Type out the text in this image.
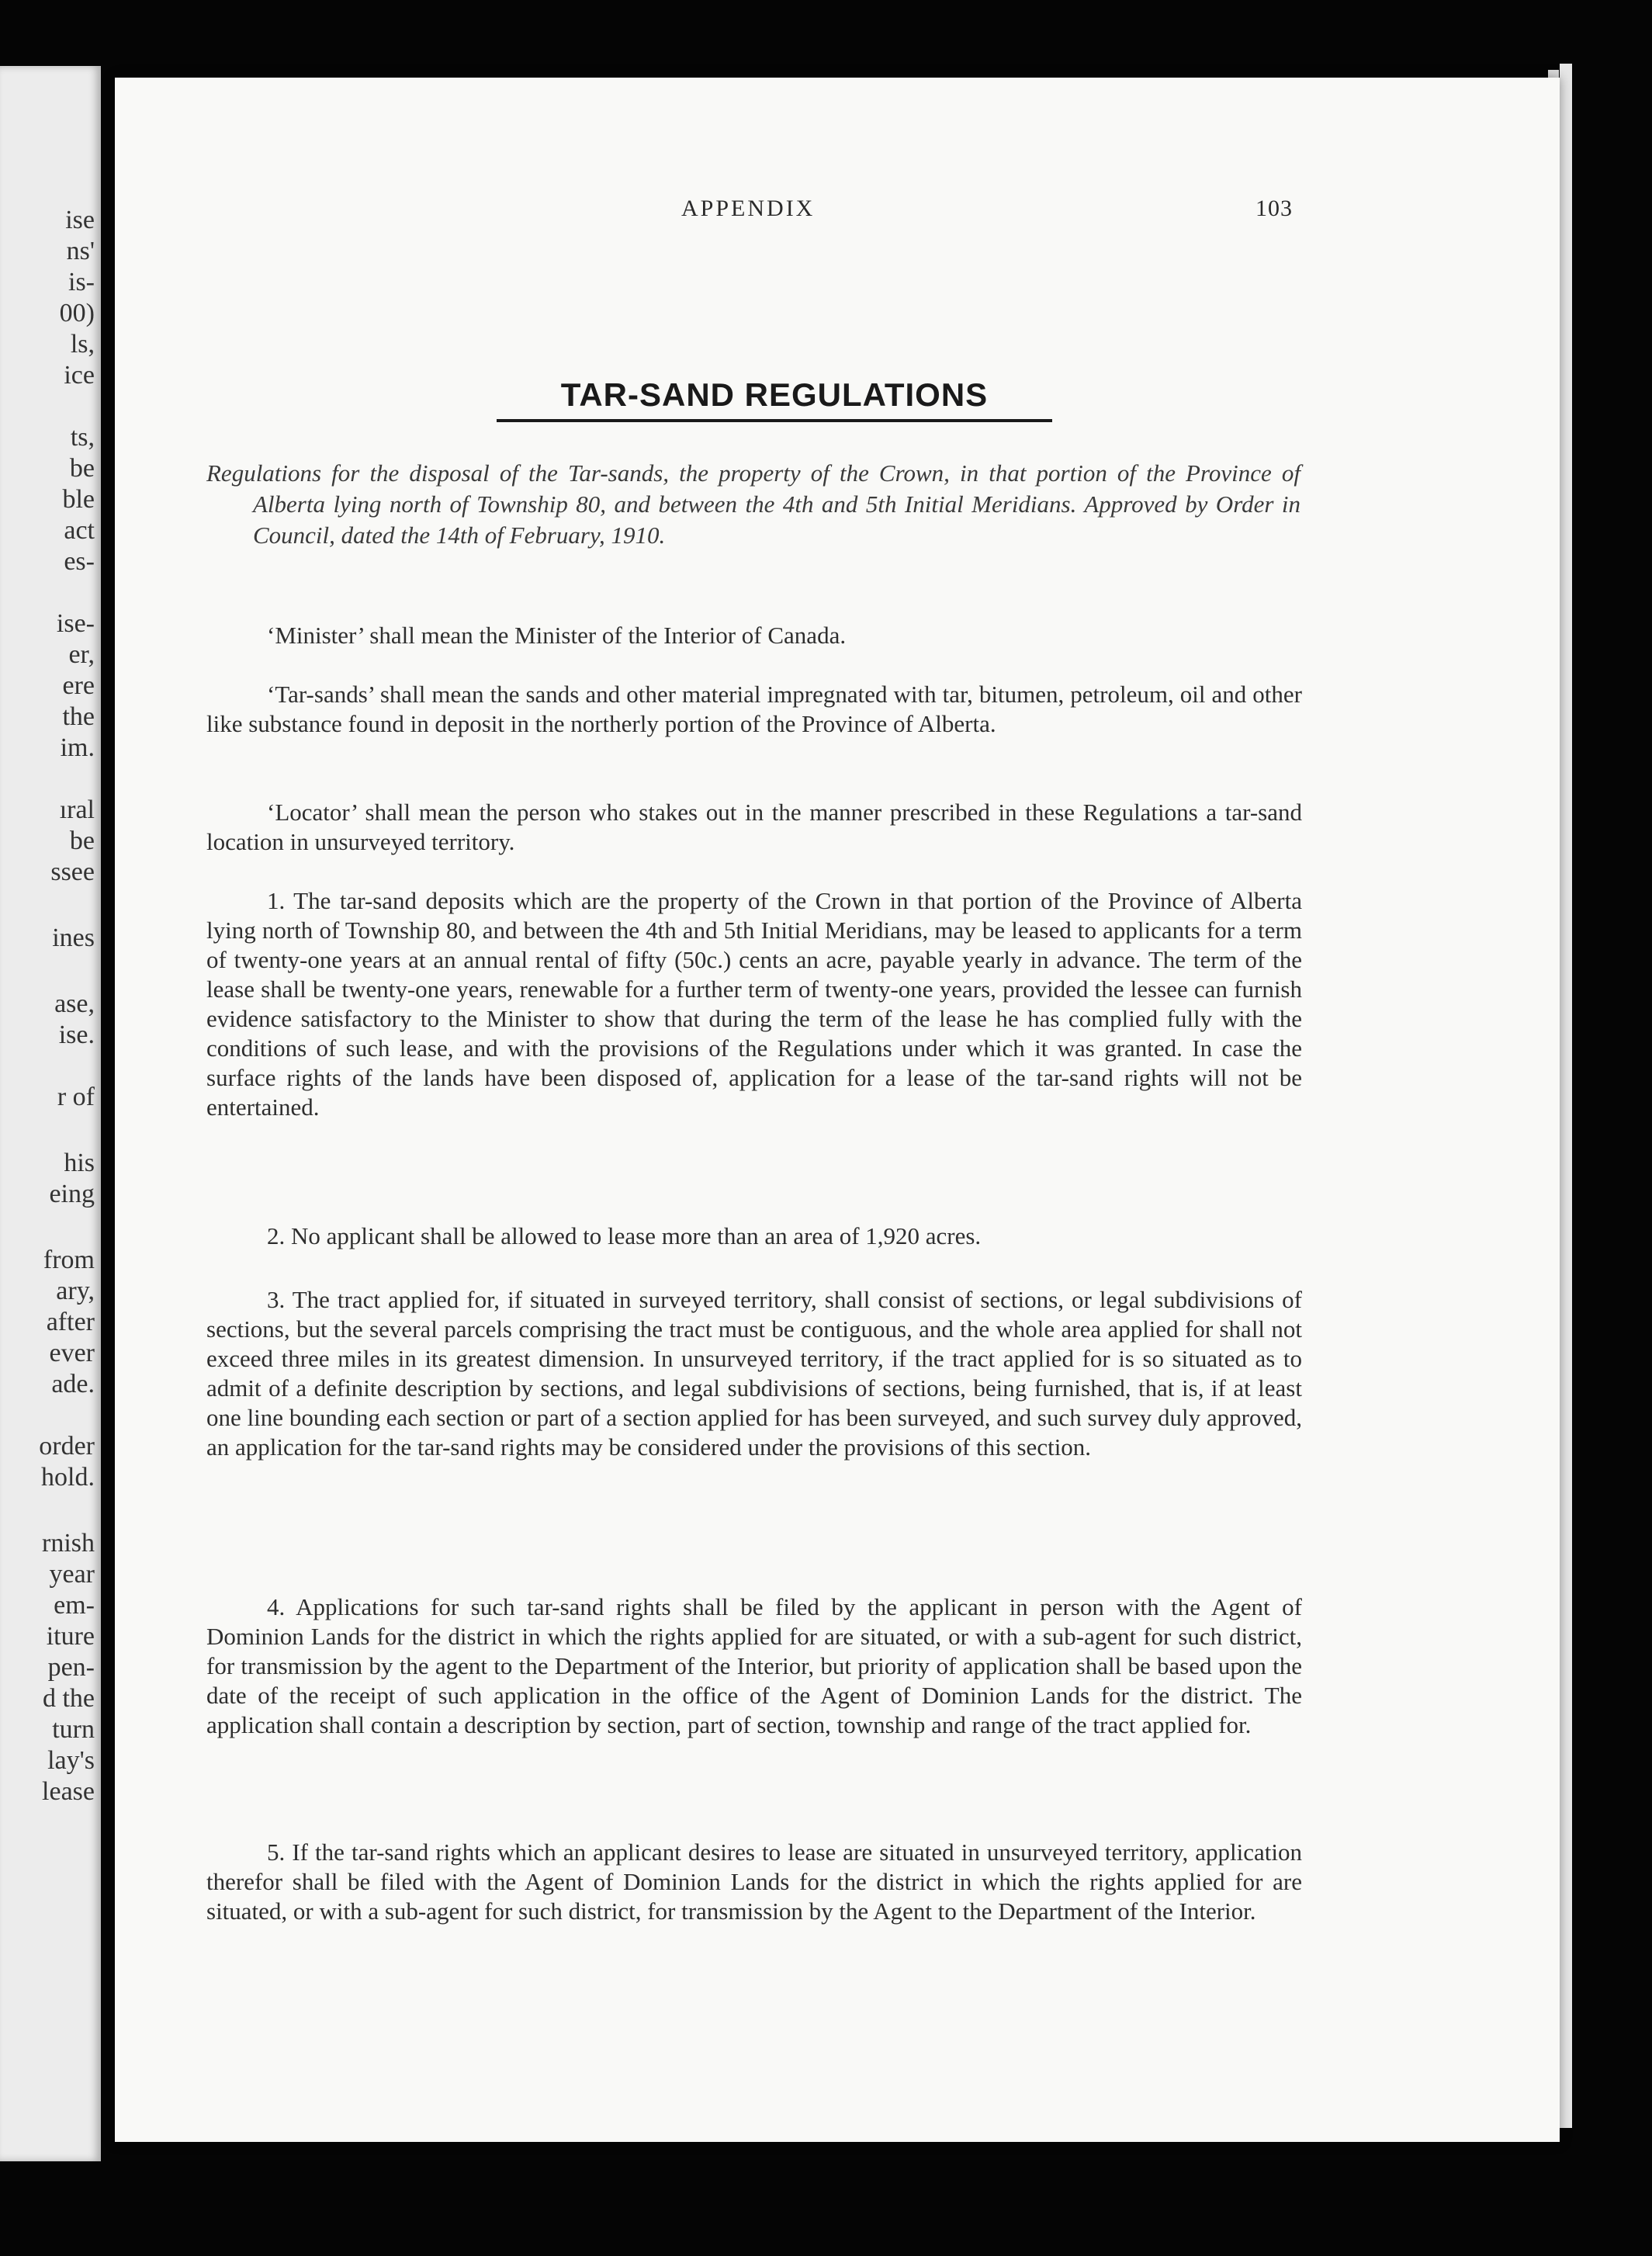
ise
ns'
is-
00)
ls,
ice
ts,
be
ble
act
es-
ise-
er,
ere
the
im.
ıral
be
ssee
ines
ase,
ise.
r of
his
eing
from
ary,
after
ever
ade.
order
hold.
rnish
year
em-
iture
pen-
d the
turn
lay's
lease
APPENDIX	103
TAR-SAND REGULATIONS
Regulations for the disposal of the Tar-sands, the property of the Crown, in that portion of the Province of Alberta lying north of Township 80, and between the 4th and 5th Initial Meridians. Approved by Order in Council, dated the 14th of February, 1910.
‘Minister’ shall mean the Minister of the Interior of Canada.
‘Tar-sands’ shall mean the sands and other material impregnated with tar, bitumen, petroleum, oil and other like substance found in deposit in the northerly portion of the Province of Alberta.
‘Locator’ shall mean the person who stakes out in the manner prescribed in these Regulations a tar-sand location in unsurveyed territory.
1. The tar-sand deposits which are the property of the Crown in that portion of the Province of Alberta lying north of Township 80, and between the 4th and 5th Initial Meridians, may be leased to applicants for a term of twenty-one years at an annual rental of fifty (50c.) cents an acre, payable yearly in advance. The term of the lease shall be twenty-one years, renewable for a further term of twenty-one years, provided the lessee can furnish evidence satisfactory to the Minister to show that during the term of the lease he has complied fully with the conditions of such lease, and with the provisions of the Regulations under which it was granted. In case the surface rights of the lands have been disposed of, application for a lease of the tar-sand rights will not be entertained.
2. No applicant shall be allowed to lease more than an area of 1,920 acres.
3. The tract applied for, if situated in surveyed territory, shall consist of sections, or legal subdivisions of sections, but the several parcels comprising the tract must be contiguous, and the whole area applied for shall not exceed three miles in its greatest dimension. In unsurveyed territory, if the tract applied for is so situated as to admit of a definite description by sections, and legal subdivisions of sections, being furnished, that is, if at least one line bounding each section or part of a section applied for has been surveyed, and such survey duly approved, an application for the tar-sand rights may be considered under the provisions of this section.
4. Applications for such tar-sand rights shall be filed by the applicant in person with the Agent of Dominion Lands for the district in which the rights applied for are situated, or with a sub-agent for such district, for transmission by the agent to the Department of the Interior, but priority of application shall be based upon the date of the receipt of such application in the office of the Agent of Dominion Lands for the district. The application shall contain a description by section, part of section, township and range of the tract applied for.
5. If the tar-sand rights which an applicant desires to lease are situated in unsurveyed territory, application therefor shall be filed with the Agent of Dominion Lands for the district in which the rights applied for are situated, or with a sub-agent for such district, for transmission by the Agent to the Department of the Interior.
